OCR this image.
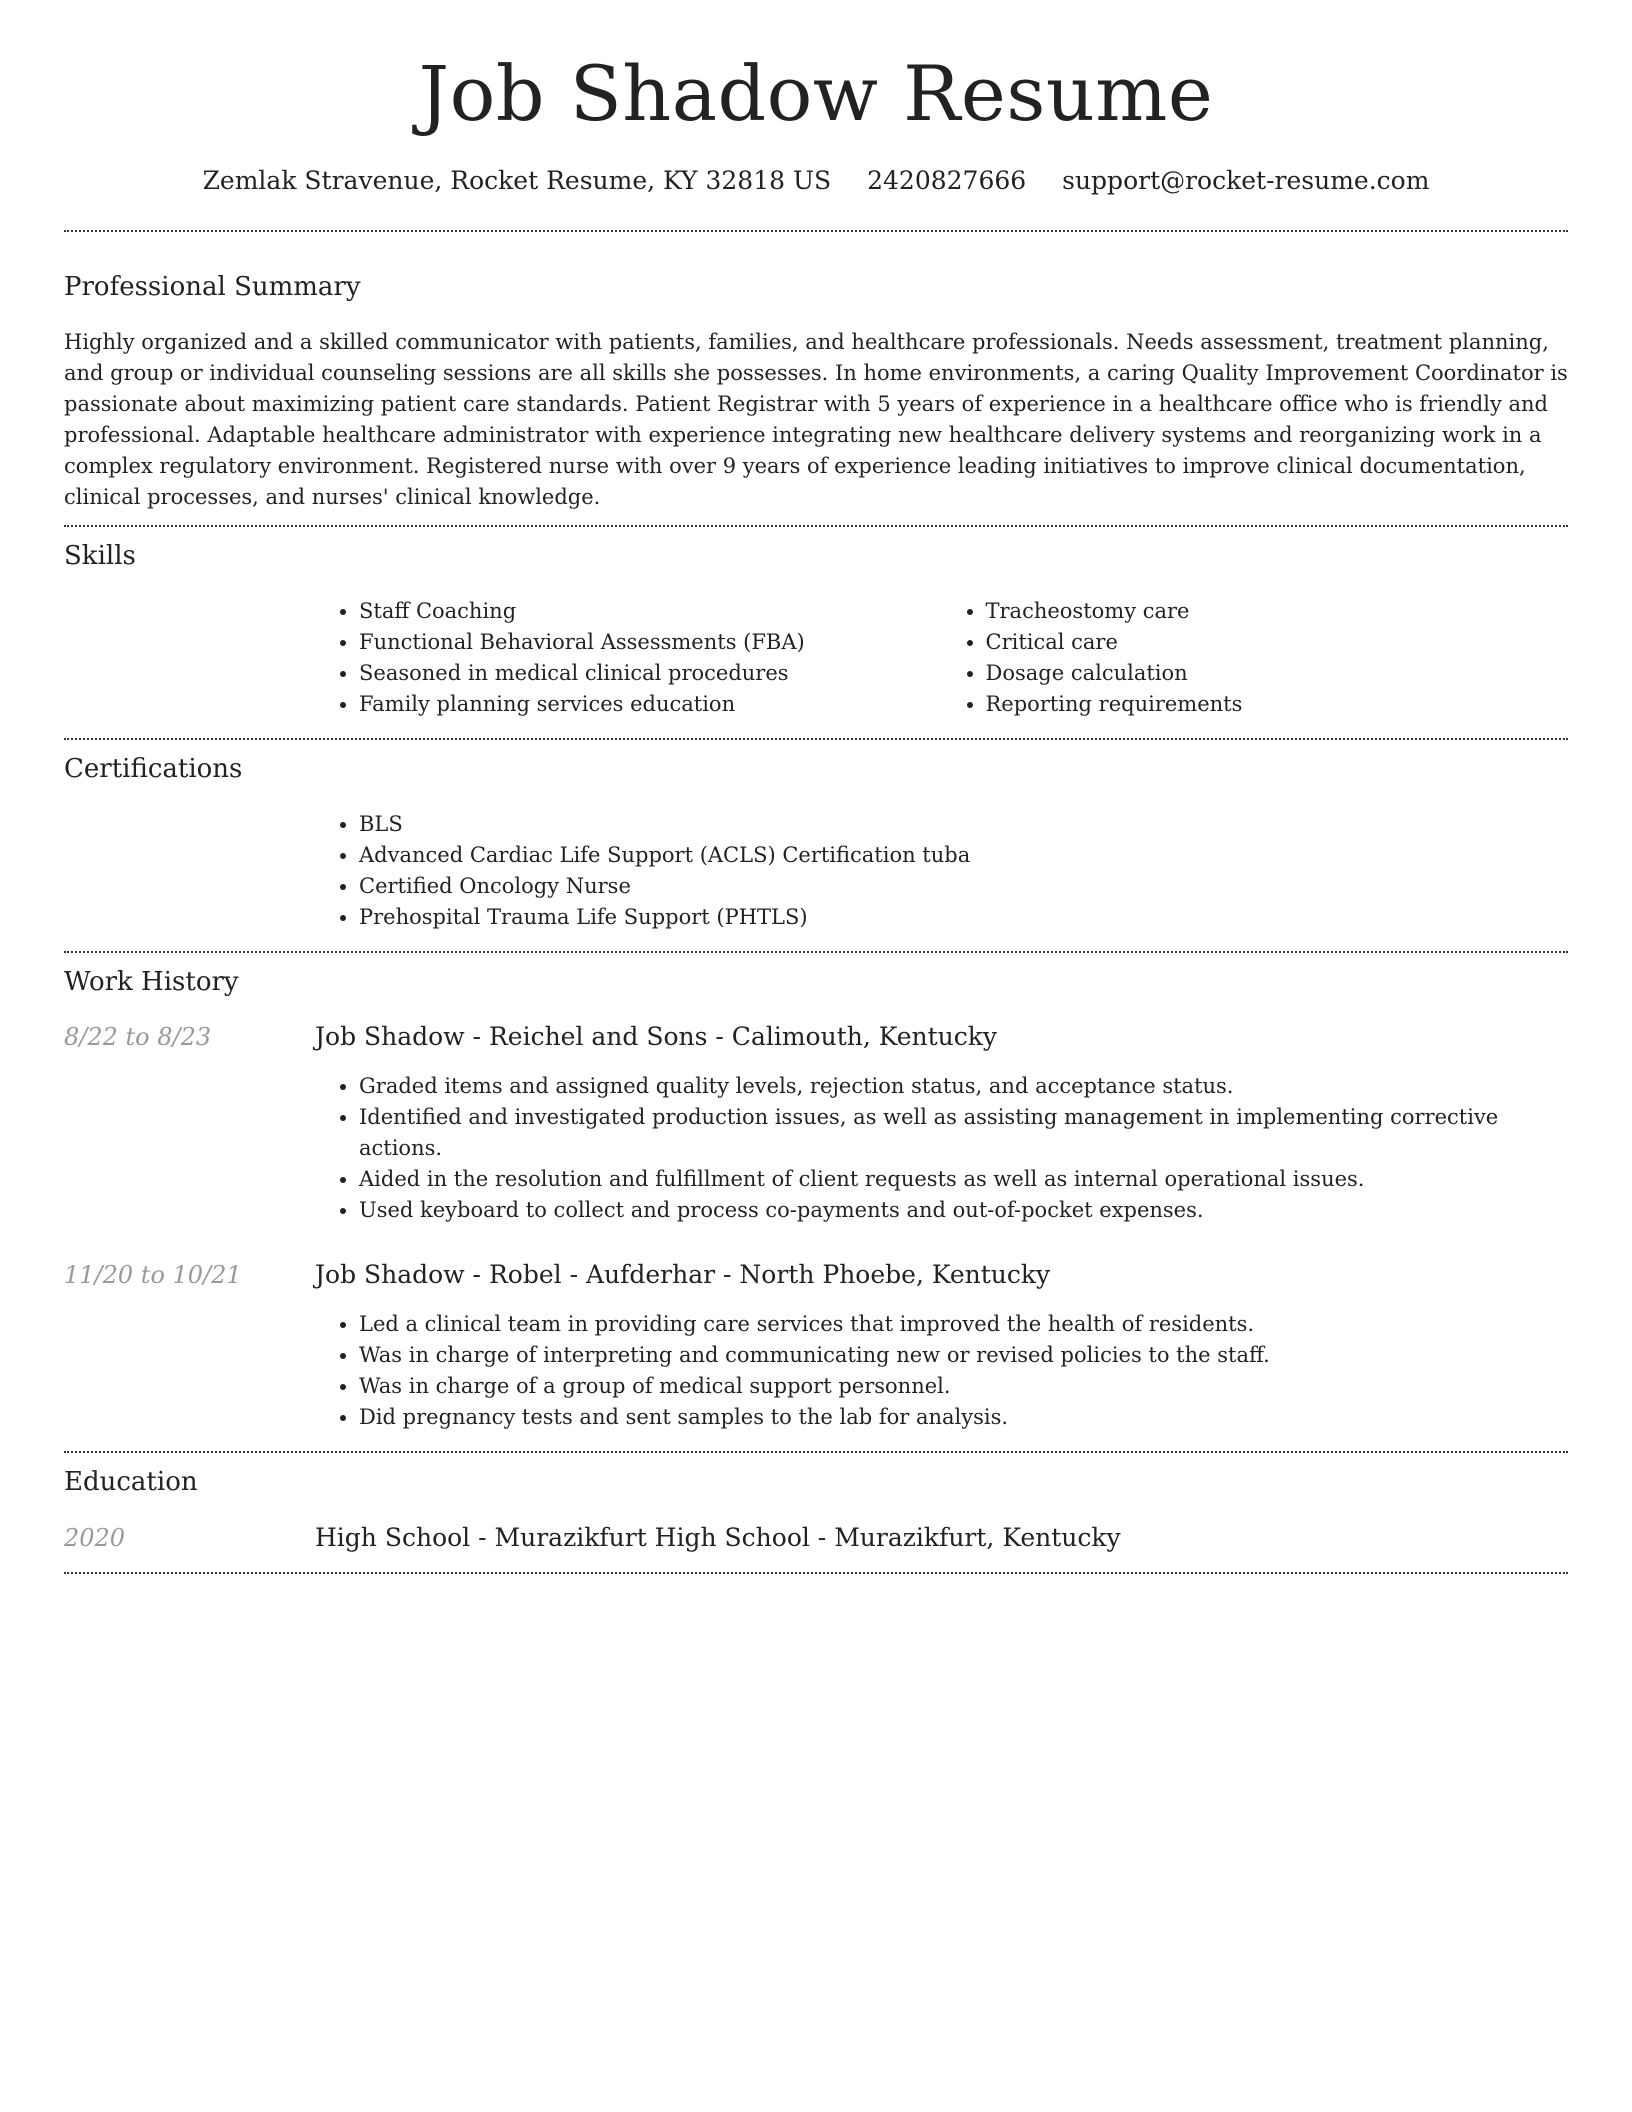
Job Shadow Resume
Zemlak Stravenue, Rocket Resume, KY 32818 US 2420827666 support@rocket-resume.com
Professional Summary

Highly organized and a skilled communicator with patients, families, and healthcare professionals. Needs assessment, treatment planning, and group or individual counseling sessions are all skills she possesses. In home environments, a caring Quality Improvement Coordinator is passionate about maximizing patient care standards. Patient Registrar with 5 years of experience in a healthcare office who is friendly and professional. Adaptable healthcare administrator with experience integrating new healthcare delivery systems and reorganizing work in a complex regulatory environment. Registered nurse with over 9 years of experience leading initiatives to improve clinical documentation, clinical processes, and nurses' clinical knowledge.

Skills
• Staff Coaching
• Functional Behavioral Assessments (FBA)
• Seasoned in medical clinical procedures
• Family planning services education
• Tracheostomy care
• Critical care
• Dosage calculation
• Reporting requirements
Certifications
• BLS
• Advanced Cardiac Life Support (ACLS) Certification tuba
• Certified Oncology Nurse
• Prehospital Trauma Life Support (PHTLS)
Work History
8/22 to 8/23	Job Shadow - Reichel and Sons - Calimouth, Kentucky
• Graded items and assigned quality levels, rejection status, and acceptance status.
• Identified and investigated production issues, as well as assisting management in implementing corrective actions.
• Aided in the resolution and fulfillment of client requests as well as internal operational issues.
• Used keyboard to collect and process co-payments and out-of-pocket expenses.
11/20 to 10/21	Job Shadow - Robel - Aufderhar - North Phoebe, Kentucky
• Led a clinical team in providing care services that improved the health of residents.
• Was in charge of interpreting and communicating new or revised policies to the staff.
• Was in charge of a group of medical support personnel.
• Did pregnancy tests and sent samples to the lab for analysis.
Education
2020	High School - Murazikfurt High School - Murazikfurt, Kentucky
